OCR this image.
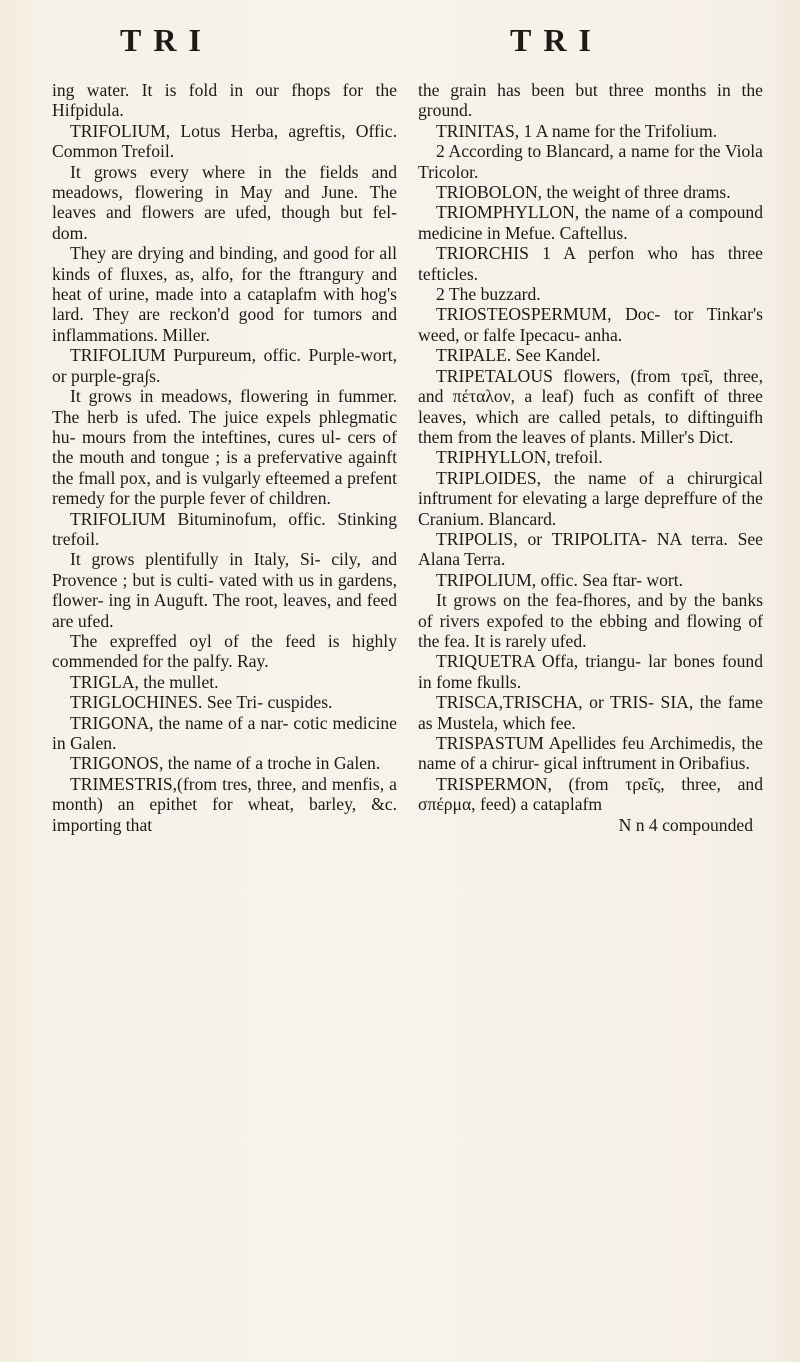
TRI	TRI

ing water. It is fold in our fhops for the Hifpidula.

TRIFOLIUM, Lotus Herba, agreftis, Offic. Common Trefoil.

It grows every where in the fields and meadows, flowering in May and June. The leaves and flowers are ufed, though but fel- dom.

They are drying and binding, and good for all kinds of fluxes, as, alfo, for the ftrangury and heat of urine, made into a cataplafm with hog's lard. They are reckon'd good for tumors and inflammations. Miller.

TRIFOLIUM Purpureum, offic. Purple-wort, or purple-gra∫s.

It grows in meadows, flowering in fummer. The herb is ufed. The juice expels phlegmatic hu- mours from the inteftines, cures ul- cers of the mouth and tongue ; is a prefervative againft the fmall pox, and is vulgarly efteemed a prefent remedy for the purple fever of children.

TRIFOLIUM Bituminofum, offic. Stinking trefoil.

It grows plentifully in Italy, Si- cily, and Provence ; but is culti- vated with us in gardens, flower- ing in Auguft. The root, leaves, and feed are ufed.

The expreffed oyl of the feed is highly commended for the palfy. Ray.

TRIGLA, the mullet.

TRIGLOCHINES. See Tri- cuspides.

TRIGONA, the name of a nar- cotic medicine in Galen.

TRIGONOS, the name of a troche in Galen.

TRIMESTRIS,(from tres, three, and menfis, a month) an epithet for wheat, barley, &c. importing that

the grain has been but three months in the ground.

TRINITAS, 1 A name for the Trifolium.

2 According to Blancard, a name for the Viola Tricolor.

TRIOBOLON, the weight of three drams.

TRIOMPHYLLON, the name of a compound medicine in Mefue. Caftellus.

TRIORCHIS 1 A perfon who has three tefticles.

2 The buzzard.

TRIOSTEOSPERMUM, Doc- tor Tinkar's weed, or falfe Ipecacu- anha.

TRIPALE. See Kandel.

TRIPETALOUS flowers, (from τρεῖ, three, and πέταλον, a leaf) fuch as confift of three leaves, which are called petals, to diftinguifh them from the leaves of plants. Miller's Dict.

TRIPHYLLON, trefoil.

TRIPLOIDES, the name of a chirurgical inftrument for elevating a large depreffure of the Cranium. Blancard.

TRIPOLIS, or TRIPOLITA- NA terra. See Alana Terra.

TRIPOLIUM, offic. Sea ftar- wort.

It grows on the fea-fhores, and by the banks of rivers expofed to the ebbing and flowing of the fea. It is rarely ufed.

TRIQUETRA Offa, triangu- lar bones found in fome fkulls.

TRISCA,TRISCHA, or TRIS- SIA, the fame as Mustela, which fee.

TRISPASTUM Apellides feu Archimedis, the name of a chirur- gical inftrument in Oribafius.

TRISPERMON, (from τρεῖς, three, and σπέρμα, feed) a cataplafm

N n 4 compounded
